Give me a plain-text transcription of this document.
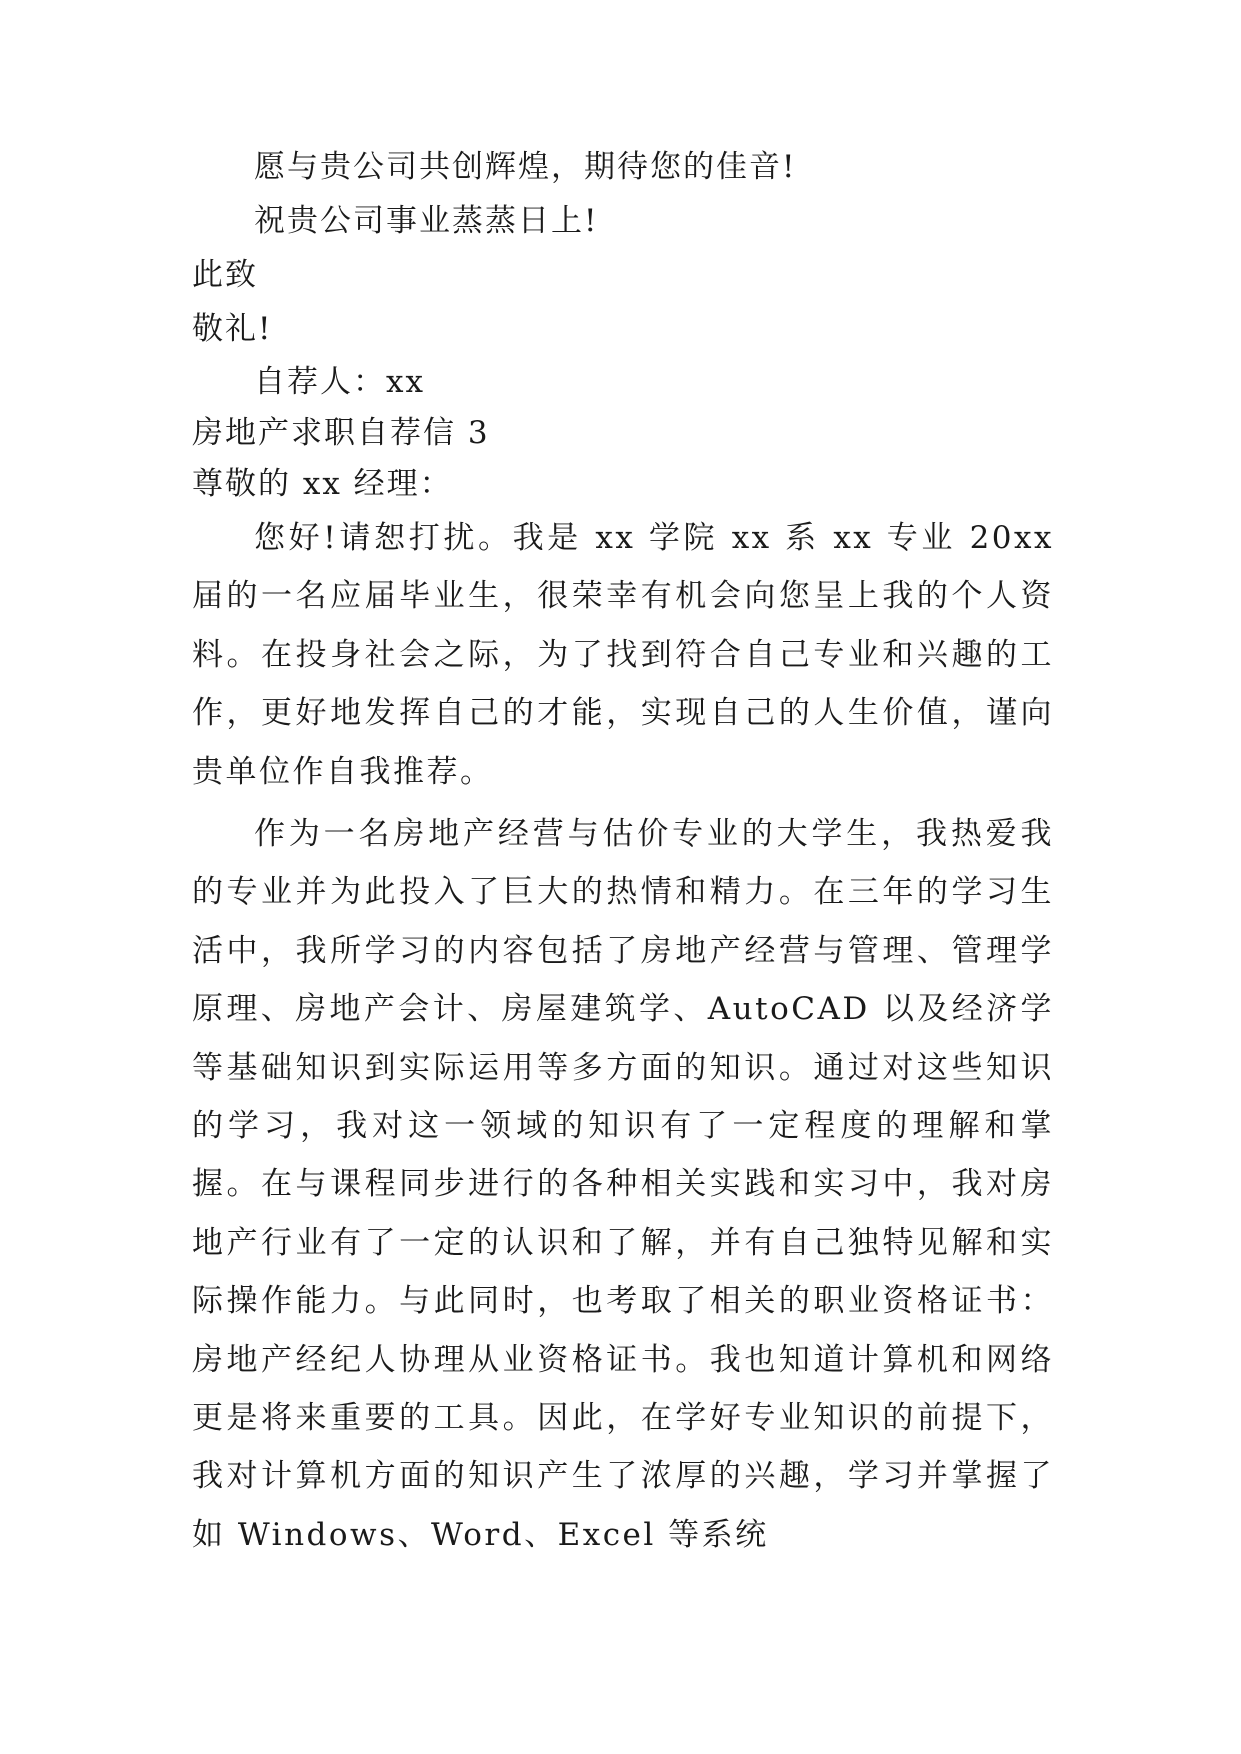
愿与贵公司共创辉煌，期待您的佳音!
祝贵公司事业蒸蒸日上!
此致
敬礼!
自荐人：xx
房地产求职自荐信 3
尊敬的 xx 经理：
您好!请恕打扰。我是 xx 学院 xx 系 xx 专业 20xx 届的一名应届毕业生，很荣幸有机会向您呈上我的个人资料。在投身社会之际，为了找到符合自己专业和兴趣的工作，更好地发挥自己的才能，实现自己的人生价值，谨向贵单位作自我推荐。
作为一名房地产经营与估价专业的大学生，我热爱我的专业并为此投入了巨大的热情和精力。在三年的学习生活中，我所学习的内容包括了房地产经营与管理、管理学原理、房地产会计、房屋建筑学、AutoCAD 以及经济学等基础知识到实际运用等多方面的知识。通过对这些知识的学习，我对这一领域的知识有了一定程度的理解和掌握。在与课程同步进行的各种相关实践和实习中，我对房地产行业有了一定的认识和了解，并有自己独特见解和实际操作能力。与此同时，也考取了相关的职业资格证书：房地产经纪人协理从业资格证书。我也知道计算机和网络更是将来重要的工具。因此，在学好专业知识的前提下，我对计算机方面的知识产生了浓厚的兴趣，学习并掌握了如 Windows、Word、Excel 等系统
